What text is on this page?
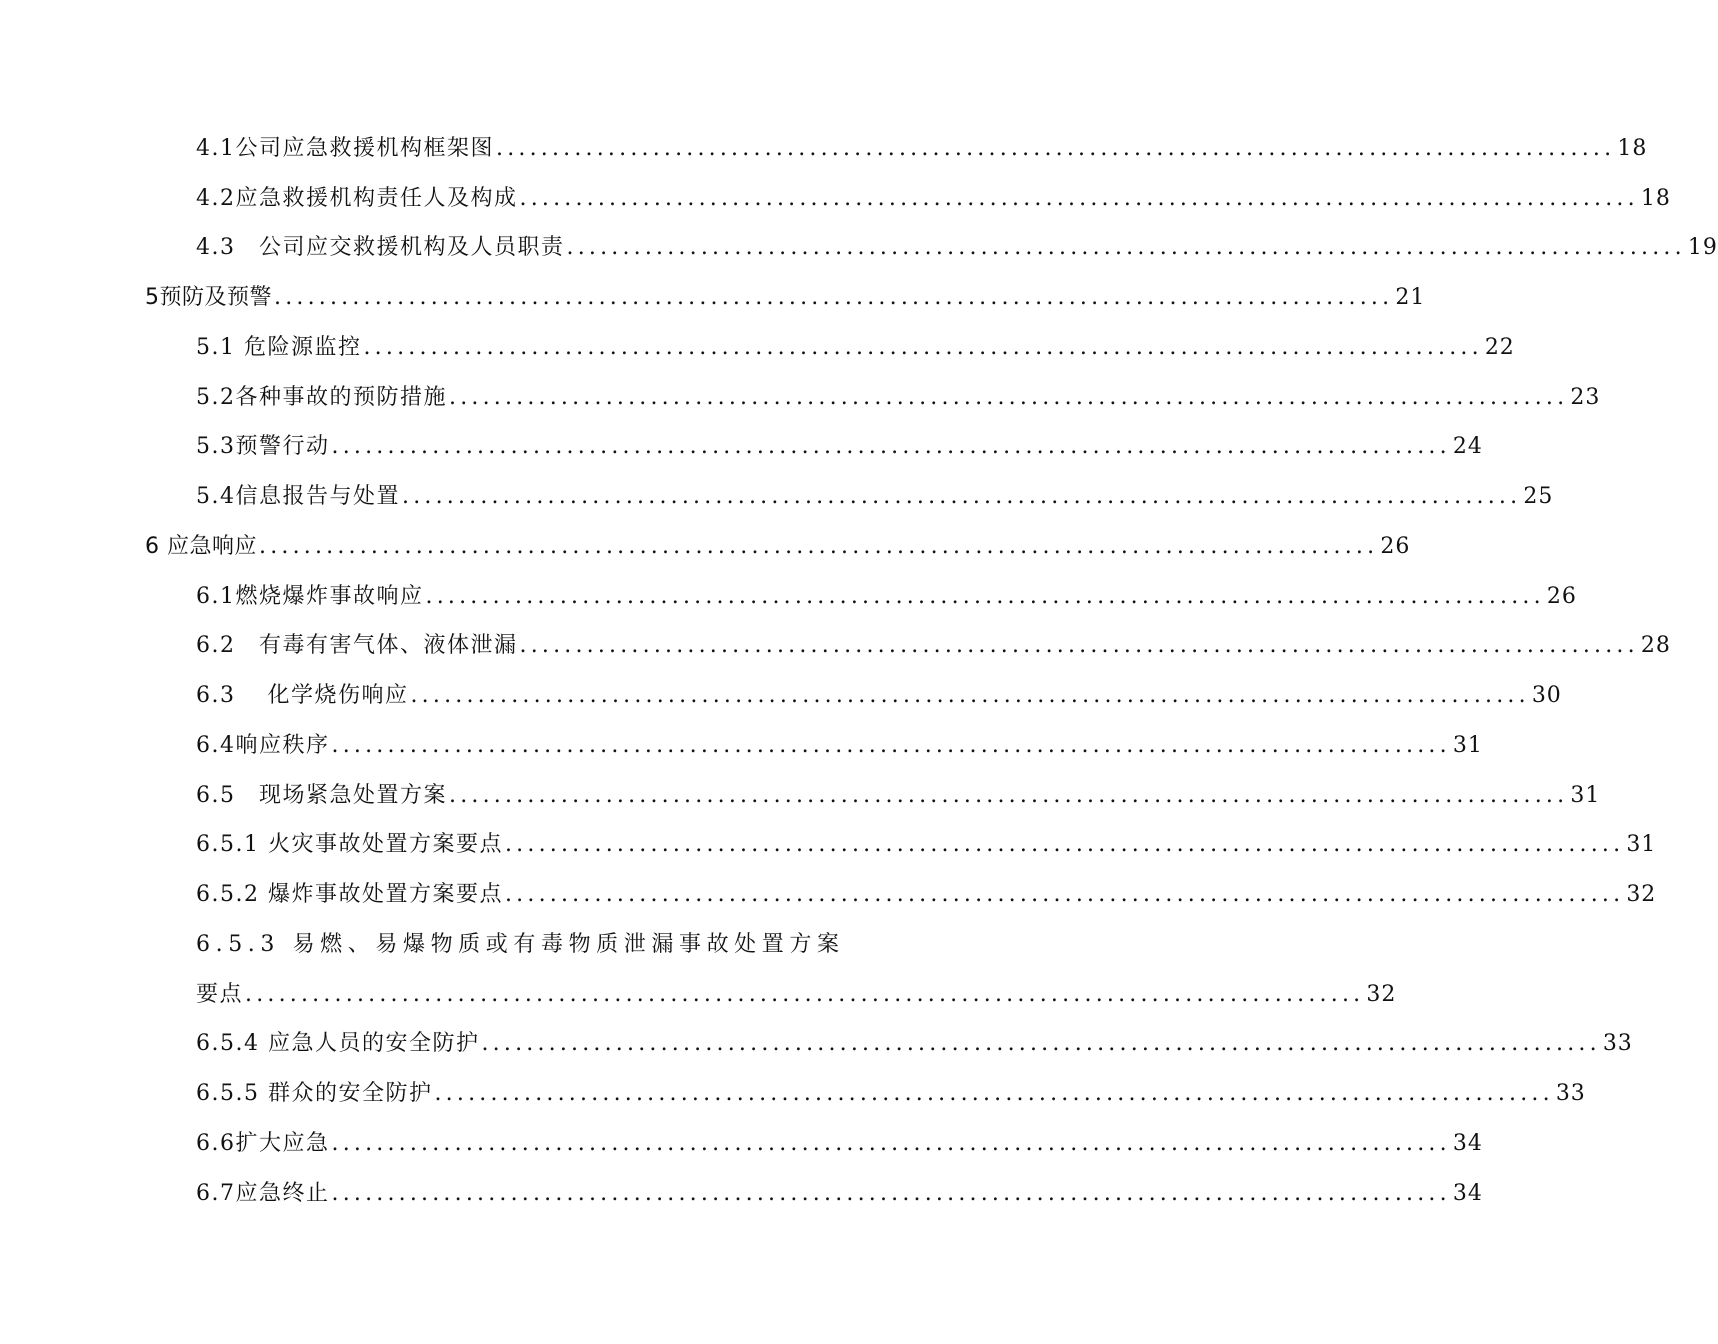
4.1公司应急救援机构框架图 .................................................................................................... 18
4.2应急救援机构责任人及构成 .................................................................................................... 18
4.3　公司应交救援机构及人员职责 .................................................................................................... 19
5预防及预警 .................................................................................................... 21
5.1 危险源监控 .................................................................................................... 22
5.2各种事故的预防措施 .................................................................................................... 23
5.3预警行动 .................................................................................................... 24
5.4信息报告与处置 .................................................................................................... 25
6 应急响应 .................................................................................................... 26
6.1燃烧爆炸事故响应 .................................................................................................... 26
6.2　有毒有害气体、液体泄漏 .................................................................................................... 28
6.3　 化学烧伤响应 .................................................................................................... 30
6.4响应秩序 .................................................................................................... 31
6.5　现场紧急处置方案 .................................................................................................... 31
6.5.1 火灾事故处置方案要点 .................................................................................................... 31
6.5.2 爆炸事故处置方案要点 .................................................................................................... 32
6.5.3 易燃、易爆物质或有毒物质泄漏事故处置方案
要点 .................................................................................................... 32
6.5.4 应急人员的安全防护 .................................................................................................... 33
6.5.5 群众的安全防护 .................................................................................................... 33
6.6扩大应急 .................................................................................................... 34
6.7应急终止 .................................................................................................... 34
